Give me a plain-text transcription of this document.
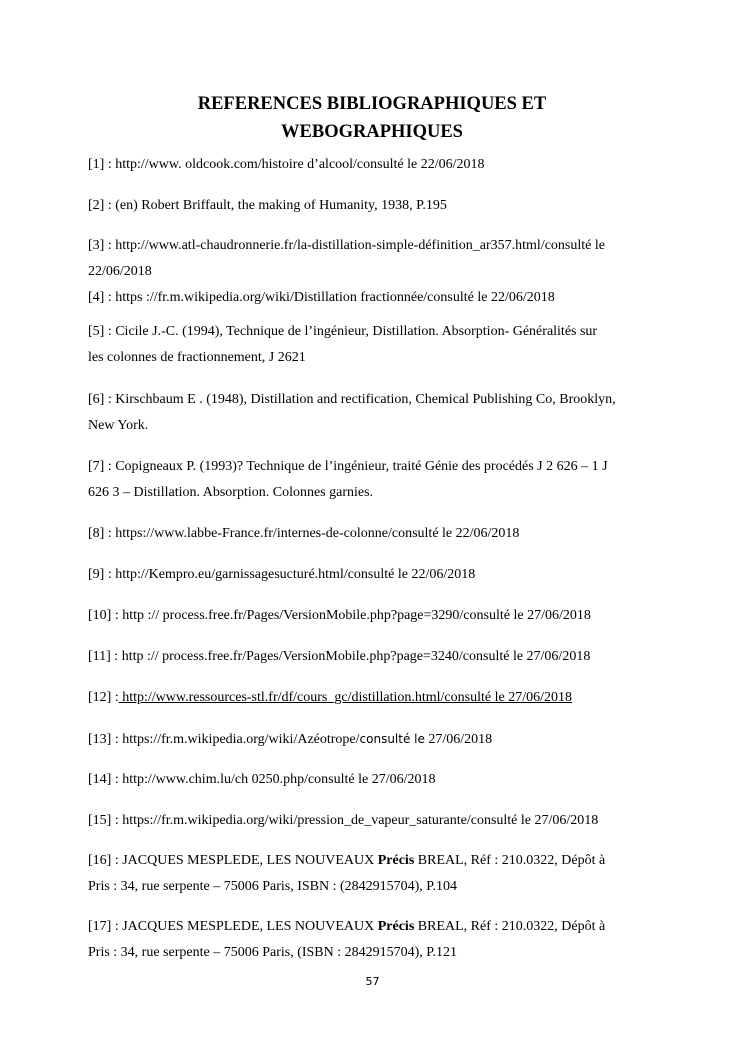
REFERENCES BIBLIOGRAPHIQUES ET
WEBOGRAPHIQUES

[1] : http://www. oldcook.com/histoire d’alcool/consulté le 22/06/2018

[2] : (en) Robert Briffault, the making of Humanity, 1938, P.195

[3] : http://www.atl-chaudronnerie.fr/la-distillation-simple-définition_ar357.html/consulté le
22/06/2018

[4] : https ://fr.m.wikipedia.org/wiki/Distillation fractionnée/consulté le 22/06/2018

[5] : Cicile J.-C. (1994), Technique de l’ingénieur, Distillation. Absorption- Généralités sur
les colonnes de fractionnement, J 2621

[6] : Kirschbaum E . (1948), Distillation and rectification, Chemical Publishing Co, Brooklyn,
New York.

[7] : Copigneaux P. (1993)? Technique de l’ingénieur, traité Génie des procédés J 2 626 – 1 J
626 3 – Distillation. Absorption. Colonnes garnies.

[8] : https://www.labbe-France.fr/internes-de-colonne/consulté le 22/06/2018

[9] : http://Kempro.eu/garnissagesucturé.html/consulté le 22/06/2018

[10] : http :// process.free.fr/Pages/VersionMobile.php?page=3290/consulté le 27/06/2018

[11] : http :// process.free.fr/Pages/VersionMobile.php?page=3240/consulté le 27/06/2018

[12] : http://www.ressources-stl.fr/df/cours_gc/distillation.html/consulté le 27/06/2018

[13] : https://fr.m.wikipedia.org/wiki/Azéotrope/consulté le 27/06/2018

[14] : http://www.chim.lu/ch 0250.php/consulté le 27/06/2018

[15] : https://fr.m.wikipedia.org/wiki/pression_de_vapeur_saturante/consulté le 27/06/2018

[16] : JACQUES MESPLEDE, LES NOUVEAUX Précis BREAL, Réf : 210.0322, Dépôt à
Pris : 34, rue serpente – 75006 Paris, ISBN : (2842915704), P.104

[17] : JACQUES MESPLEDE, LES NOUVEAUX Précis BREAL, Réf : 210.0322, Dépôt à
Pris : 34, rue serpente – 75006 Paris, (ISBN : 2842915704), P.121

57
